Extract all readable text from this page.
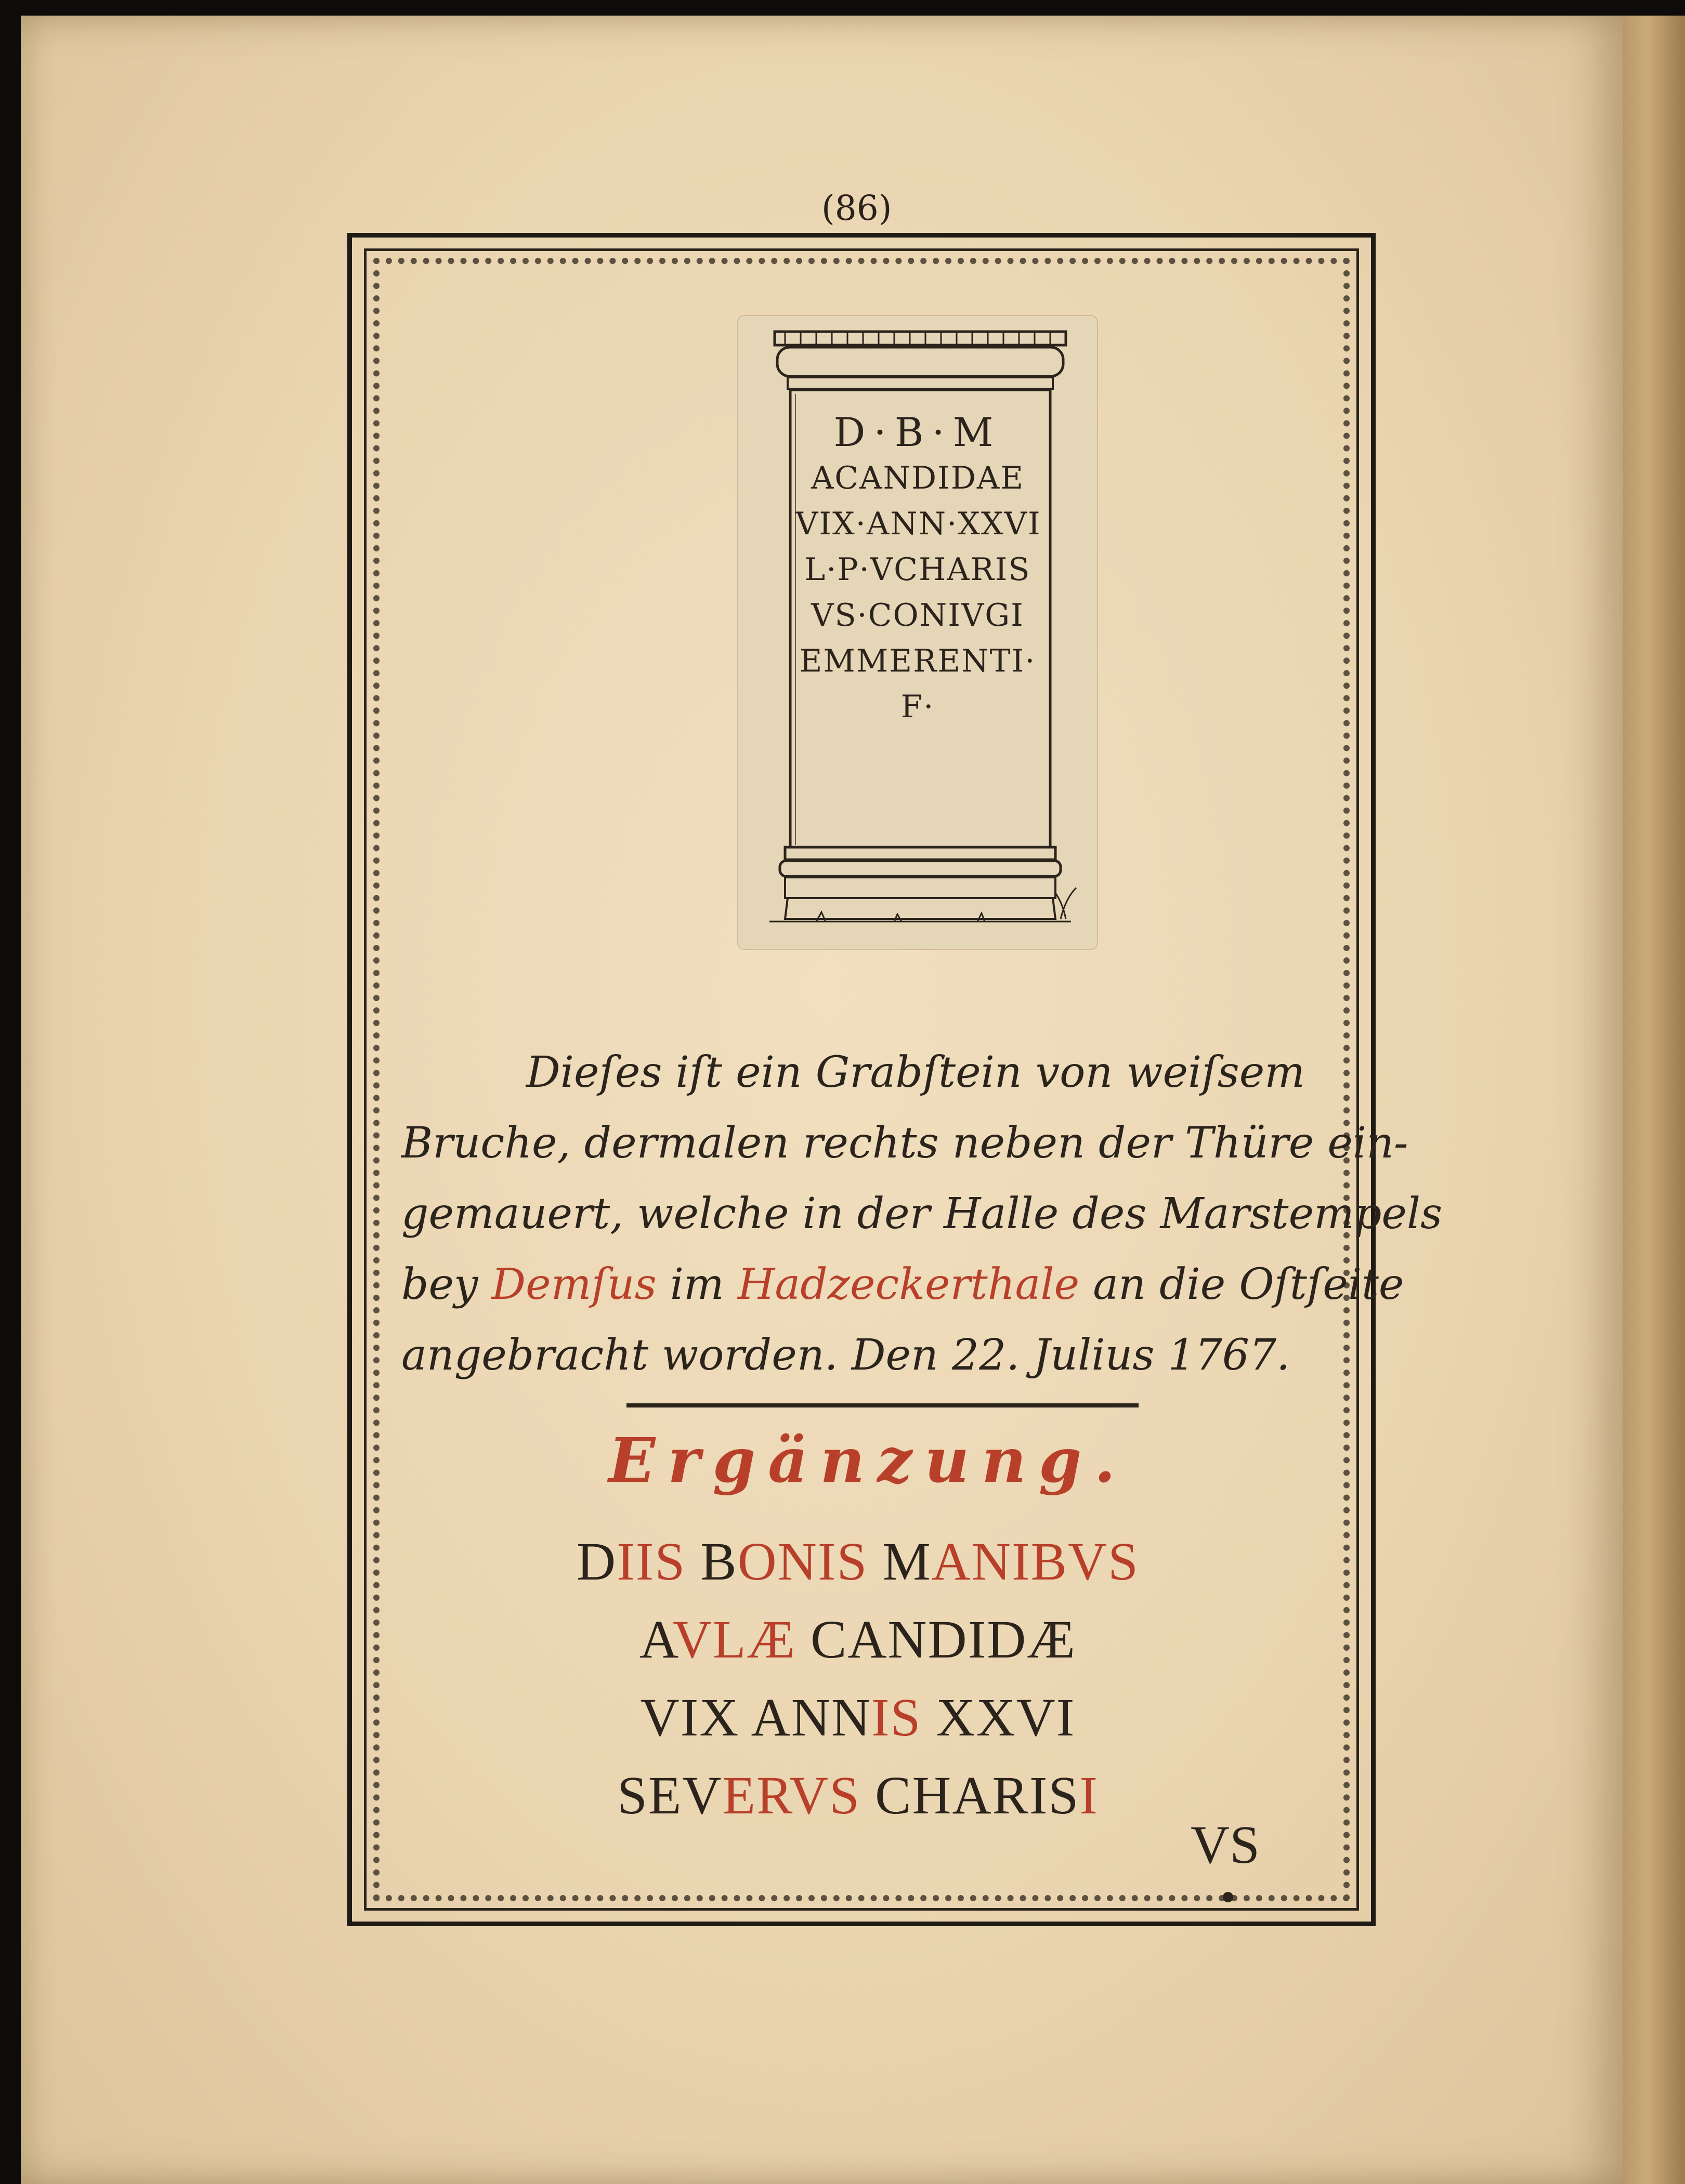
(86)
D·B·M
ACANDIDAE
VIX·ANN·XXVI
L·P·VCHARIS
VS·CONIVGI
EMMERENTI·
F·
Dieſes iſt ein Grabſtein von weiſsem
Bruche, dermalen rechts neben der Thüre ein-
gemauert, welche in der Halle des Marstempels
bey Demſus im Hadzeckerthale an die Oſtſeite
angebracht worden. Den 22. Julius 1767.
Ergänzung.
DIIS BONIS MANIBVS
AVLÆ CANDIDÆ
VIX ANNIS XXVI
SEVERVS CHARISI
VS
